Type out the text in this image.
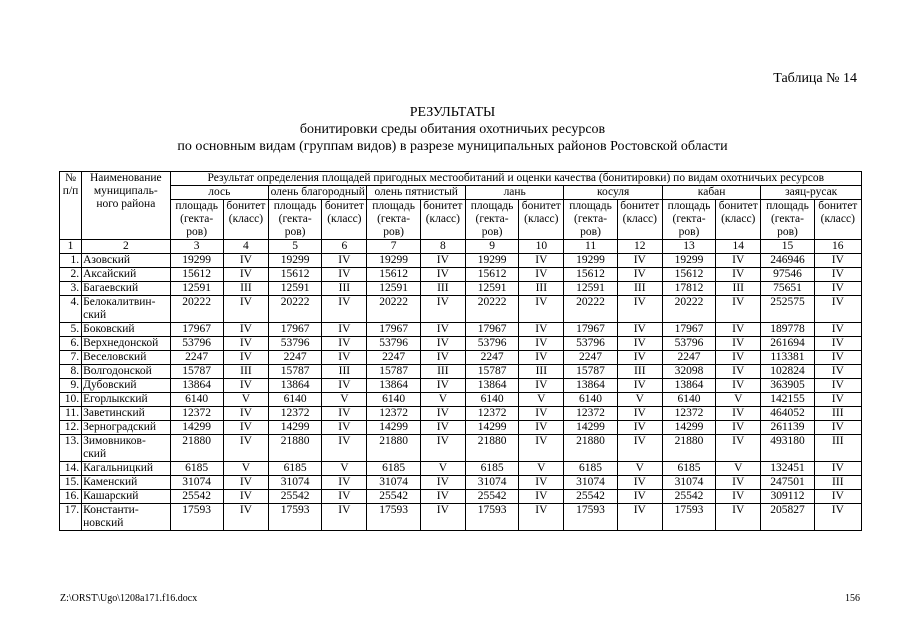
Таблица № 14
РЕЗУЛЬТАТЫ
бонитировки среды обитания охотничьих ресурсов
по основным видам (группам видов) в разрезе муниципальных районов Ростовской области
№ п/п	Наименование муниципаль-ного района	Результат определения площадей пригодных местообитаний и оценки качества (бонитировки) по видам охотничьих ресурсов													
		лось		олень благородный		олень пятнистый		лань		косуля		кабан		заяц-русак	
		площадь (гекта-ров)	бонитет (класс)	площадь (гекта-ров)	бонитет (класс)	площадь (гекта-ров)	бонитет (класс)	площадь (гекта-ров)	бонитет (класс)	площадь (гекта-ров)	бонитет (класс)	площадь (гекта-ров)	бонитет (класс)	площадь (гекта-ров)	бонитет (класс)
1	2	3	4	5	6	7	8	9	10	11	12	13	14	15	16
1.	Азовский	19299	IV	19299	IV	19299	IV	19299	IV	19299	IV	19299	IV	246946	IV
2.	Аксайский	15612	IV	15612	IV	15612	IV	15612	IV	15612	IV	15612	IV	97546	IV
3.	Багаевский	12591	III	12591	III	12591	III	12591	III	12591	III	17812	III	75651	IV
4.	Белокалитвин-ский	20222	IV	20222	IV	20222	IV	20222	IV	20222	IV	20222	IV	252575	IV
5.	Боковский	17967	IV	17967	IV	17967	IV	17967	IV	17967	IV	17967	IV	189778	IV
6.	Верхнедонской	53796	IV	53796	IV	53796	IV	53796	IV	53796	IV	53796	IV	261694	IV
7.	Веселовский	2247	IV	2247	IV	2247	IV	2247	IV	2247	IV	2247	IV	113381	IV
8.	Волгодонской	15787	III	15787	III	15787	III	15787	III	15787	III	32098	IV	102824	IV
9.	Дубовский	13864	IV	13864	IV	13864	IV	13864	IV	13864	IV	13864	IV	363905	IV
10.	Егорлыкский	6140	V	6140	V	6140	V	6140	V	6140	V	6140	V	142155	IV
11.	Заветинский	12372	IV	12372	IV	12372	IV	12372	IV	12372	IV	12372	IV	464052	III
12.	Зерноградский	14299	IV	14299	IV	14299	IV	14299	IV	14299	IV	14299	IV	261139	IV
13.	Зимовников-ский	21880	IV	21880	IV	21880	IV	21880	IV	21880	IV	21880	IV	493180	III
14.	Кагальницкий	6185	V	6185	V	6185	V	6185	V	6185	V	6185	V	132451	IV
15.	Каменский	31074	IV	31074	IV	31074	IV	31074	IV	31074	IV	31074	IV	247501	III
16.	Кашарский	25542	IV	25542	IV	25542	IV	25542	IV	25542	IV	25542	IV	309112	IV
17.	Константи-новский	17593	IV	17593	IV	17593	IV	17593	IV	17593	IV	17593	IV	205827	IV
Z:\ORST\Ugo\1208a171.f16.docx	156
